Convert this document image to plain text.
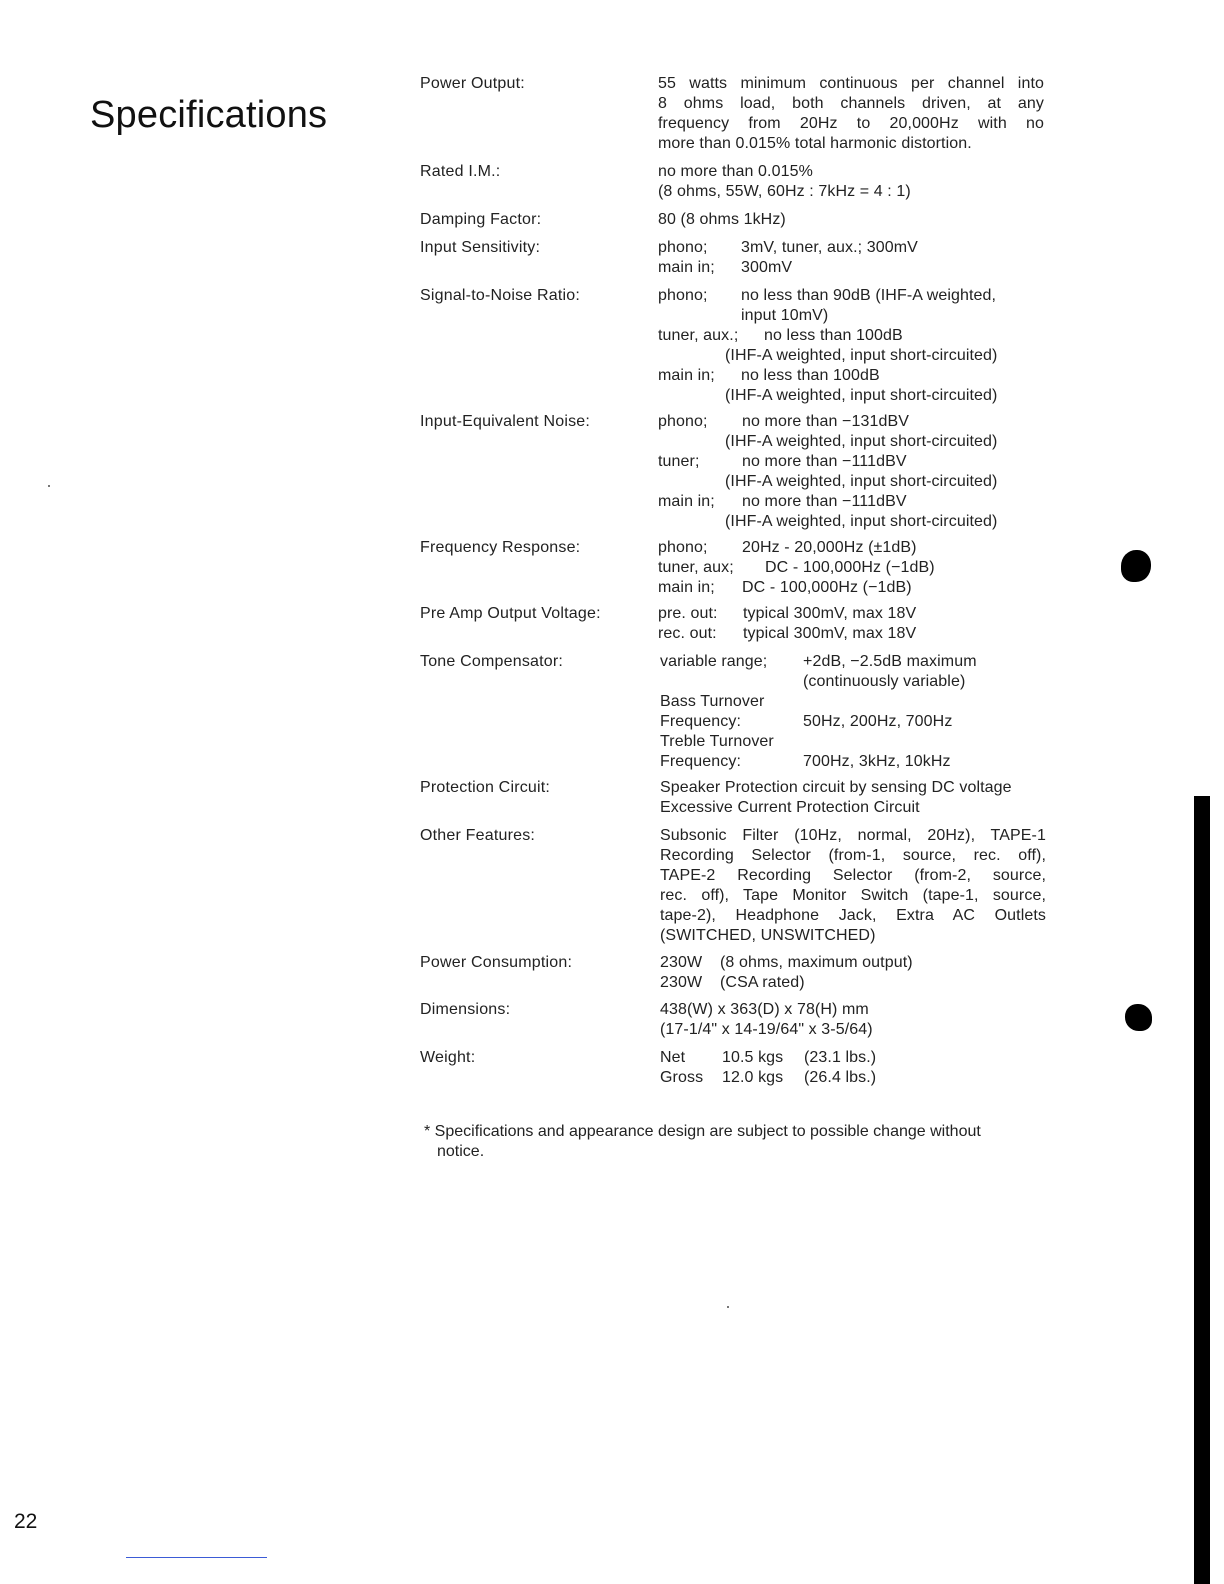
Specifications
Power Output:	55 watts minimum continuous per channel into
8 ohms load, both channels driven, at any
frequency from 20Hz to 20,000Hz with no
more than 0.015% total harmonic distortion.
Rated I.M.:	no more than 0.015%
(8 ohms, 55W, 60Hz : 7kHz = 4 : 1)
Damping Factor:	80 (8 ohms 1kHz)
Input Sensitivity:	phono; 3mV, tuner, aux.; 300mV
main in; 300mV
Signal-to-Noise Ratio:	phono; no less than 90dB (IHF-A weighted,
input 10mV)
tuner, aux.; no less than 100dB
(IHF-A weighted, input short-circuited)
main in; no less than 100dB
(IHF-A weighted, input short-circuited)
Input-Equivalent Noise:	phono; no more than −131dBV
(IHF-A weighted, input short-circuited)
tuner;	no more than −111dBV
(IHF-A weighted, input short-circuited)
main in; no more than −111dBV
(IHF-A weighted, input short-circuited)
Frequency Response:	phono; 20Hz - 20,000Hz (±1dB)
tuner, aux; DC - 100,000Hz (−1dB)
main in; DC - 100,000Hz (−1dB)
Pre Amp Output Voltage:	pre. out: typical 300mV, max 18V
rec. out: typical 300mV, max 18V
Tone Compensator:	variable range; +2dB, −2.5dB maximum
(continuously variable)
Bass Turnover
Frequency:	50Hz, 200Hz, 700Hz
Treble Turnover
Frequency:	700Hz, 3kHz, 10kHz
Protection Circuit:	Speaker Protection circuit by sensing DC voltage
Excessive Current Protection Circuit
Other Features:	Subsonic Filter (10Hz, normal, 20Hz), TAPE-1
Recording Selector (from-1, source, rec. off),
TAPE-2 Recording Selector (from-2, source,
rec. off), Tape Monitor Switch (tape-1, source,
tape-2), Headphone Jack, Extra AC Outlets
(SWITCHED, UNSWITCHED)
Power Consumption:	230W (8 ohms, maximum output)
230W (CSA rated)
Dimensions:	438(W) x 363(D) x 78(H) mm
(17-1/4" x 14-19/64" x 3-5/64)
Weight:	Net 10.5 kgs (23.1 lbs.)
Gross 12.0 kgs (26.4 lbs.)
* Specifications and appearance design are subject to possible change without
notice.
22
